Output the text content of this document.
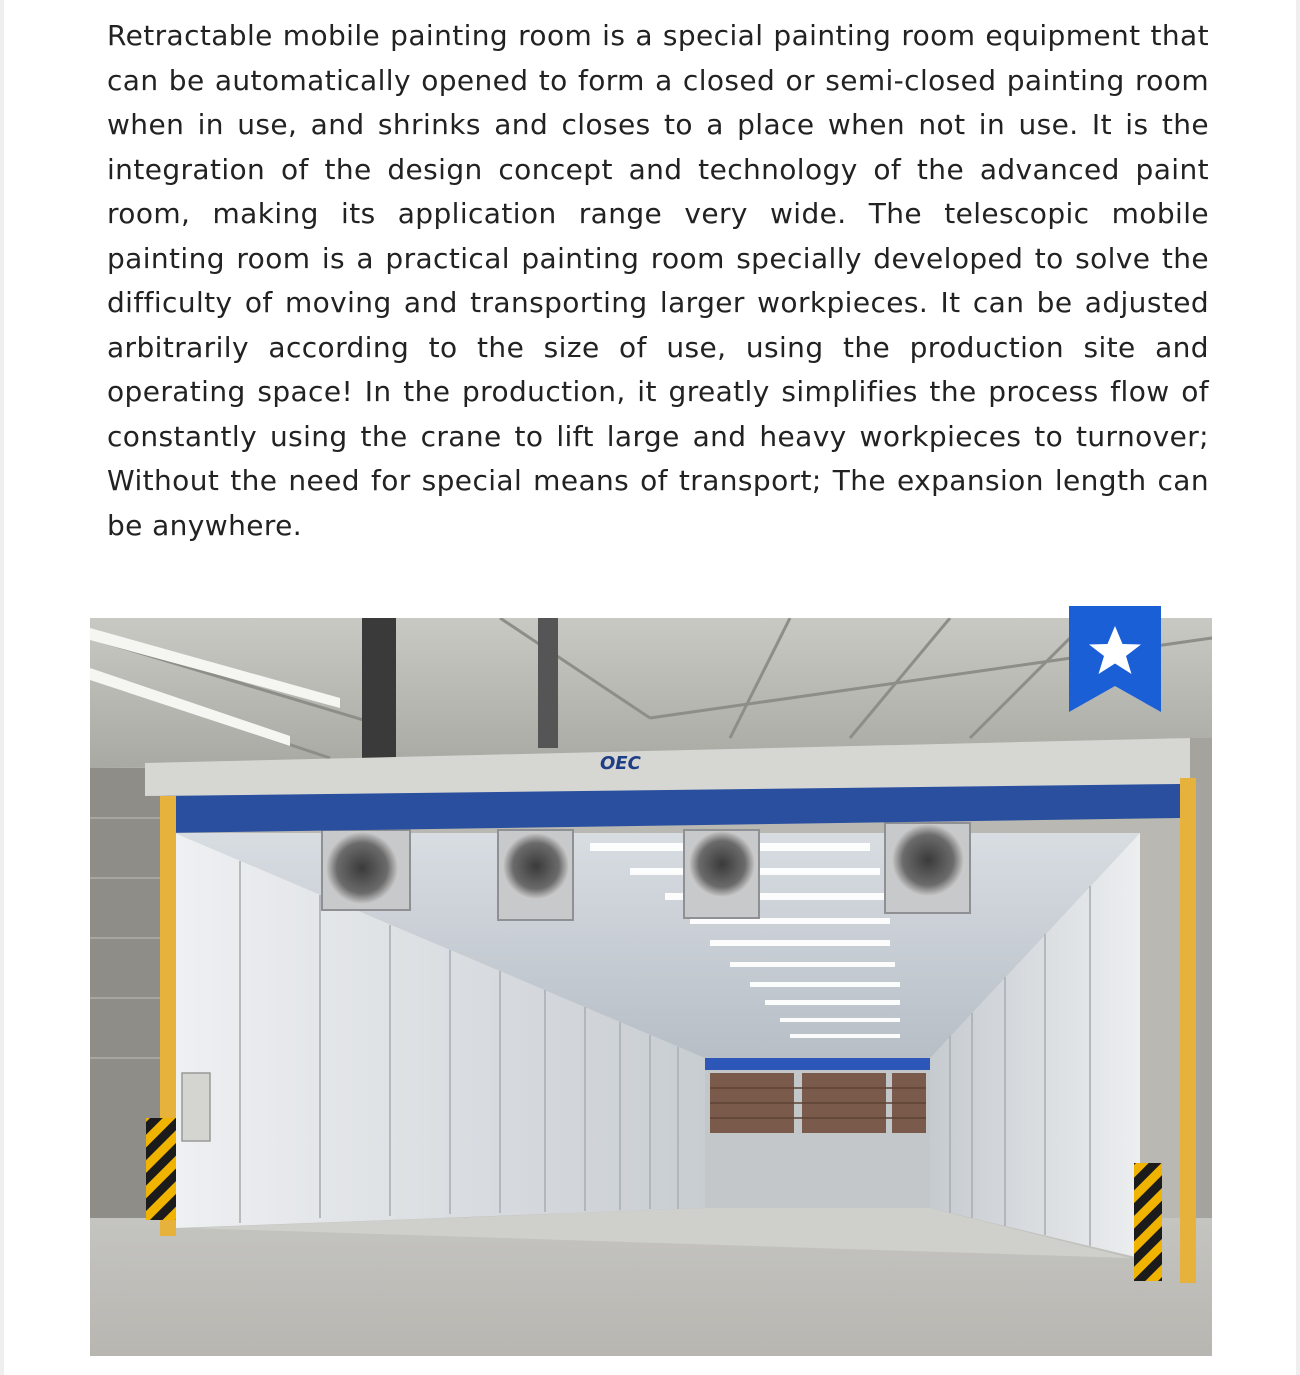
Retractable mobile painting room is a special painting room equipment that can be automatically opened to form a closed or semi-closed painting room when in use, and shrinks and closes to a place when not in use. It is the integration of the design concept and technology of the advanced paint room, making its application range very wide. The telescopic mobile painting room is a practical painting room specially developed to solve the difficulty of moving and transporting larger workpieces. It can be adjusted arbitrarily according to the size of use, using the production site and operating space! In the production, it greatly simplifies the process flow of constantly using the crane to lift large and heavy workpieces to turnover; Without the need for special means of transport; The expansion length can be anywhere.

OEC
